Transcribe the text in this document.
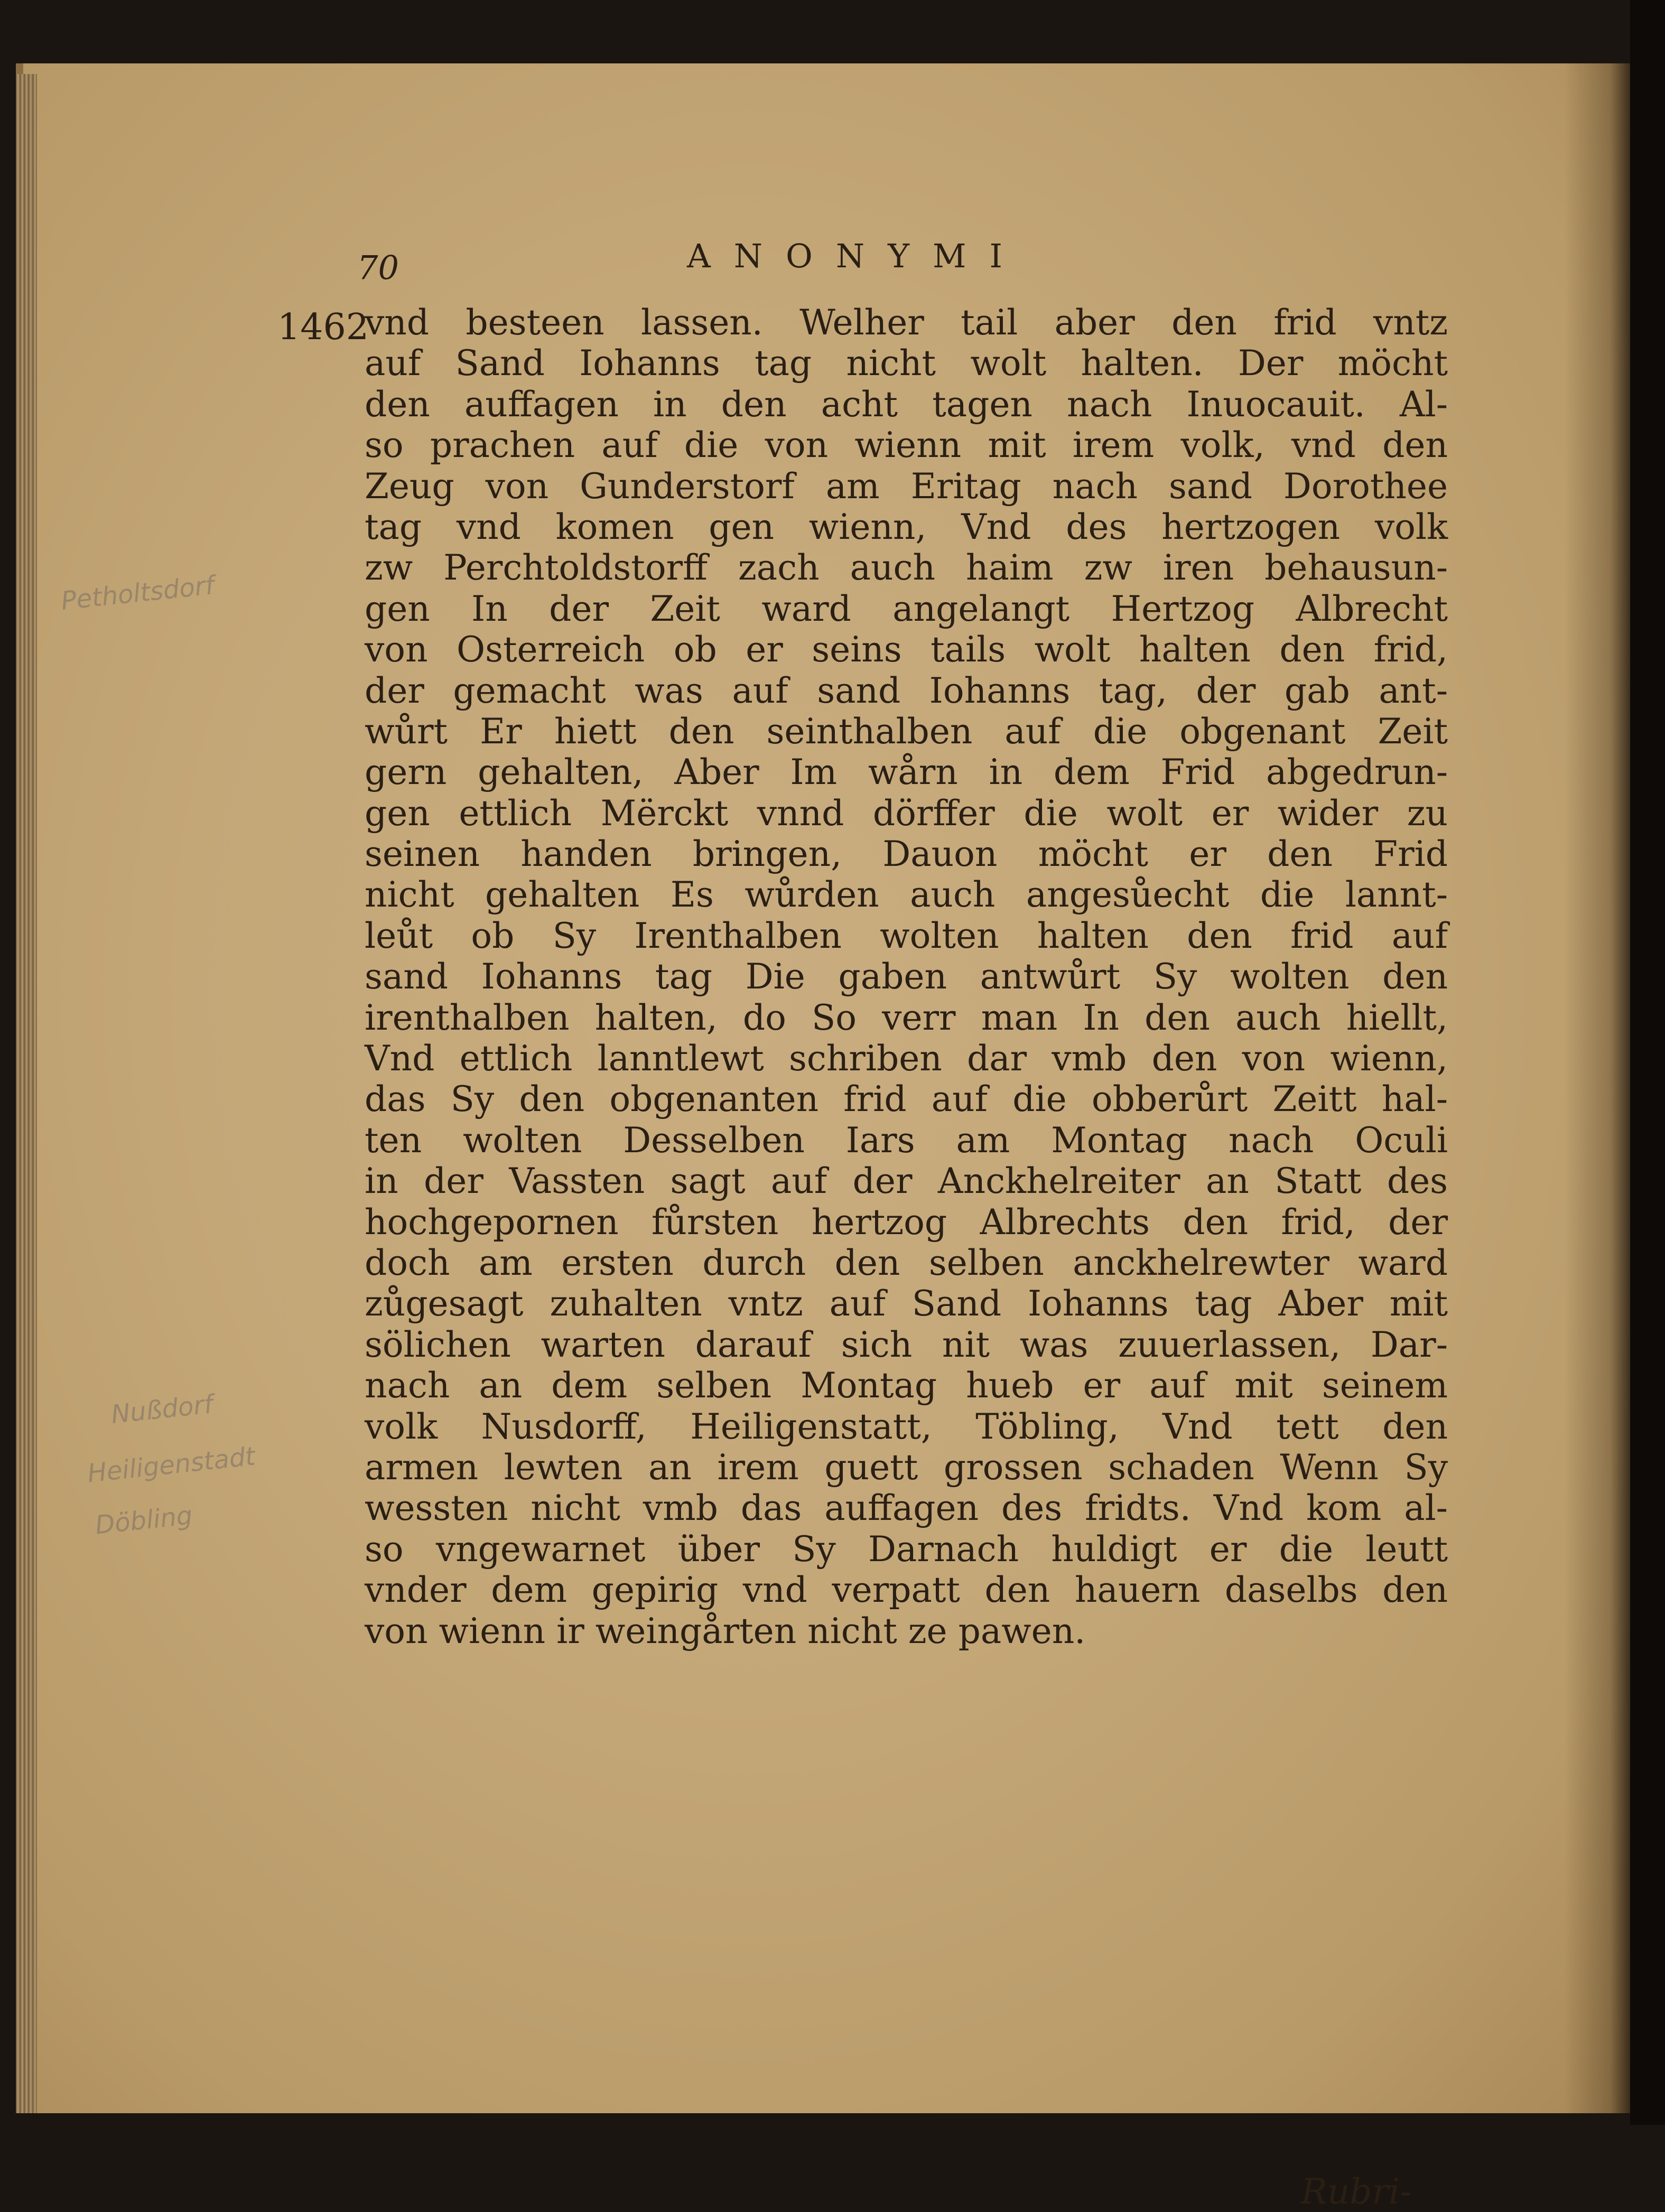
70	ANONYMI
1462
vnd besteen lassen. Welher tail aber den frid vntz
auf Sand Iohanns tag nicht wolt halten. Der möcht
den auffagen in den acht tagen nach Inuocauit. Al-
so prachen auf die von wienn mit irem volk, vnd den
Zeug von Gunderstorf am Eritag nach sand Dorothee
tag vnd komen gen wienn, Vnd des hertzogen volk
zw Perchtoldstorff zach auch haim zw iren behausun-
gen In der Zeit ward angelangt Hertzog Albrecht
von Osterreich ob er seins tails wolt halten den frid,
der gemacht was auf sand Iohanns tag, der gab ant-
wůrt Er hiett den seinthalben auf die obgenant Zeit
gern gehalten, Aber Im wårn in dem Frid abgedrun-
gen ettlich Mërckt vnnd dörffer die wolt er wider zu
seinen handen bringen, Dauon möcht er den Frid
nicht gehalten Es wůrden auch angesůecht die lannt-
leůt ob Sy Irenthalben wolten halten den frid auf
sand Iohanns tag Die gaben antwůrt Sy wolten den
irenthalben halten, do So verr man In den auch hiellt,
Vnd ettlich lanntlewt schriben dar vmb den von wienn,
das Sy den obgenanten frid auf die obberůrt Zeitt hal-
ten wolten Desselben Iars am Montag nach Oculi
in der Vassten sagt auf der Anckhelreiter an Statt des
hochgepornen fůrsten hertzog Albrechts den frid, der
doch am ersten durch den selben anckhelrewter ward
zůgesagt zuhalten vntz auf Sand Iohanns tag Aber mit
sölichen warten darauf sich nit was zuuerlassen, Dar-
nach an dem selben Montag hueb er auf mit seinem
volk Nusdorff, Heiligenstatt, Töbling, Vnd tett den
armen lewten an irem guett grossen schaden Wenn Sy
wessten nicht vmb das auffagen des fridts. Vnd kom al-
so vngewarnet über Sy Darnach huldigt er die leutt
vnder dem gepirig vnd verpatt den hauern daselbs den
von wienn ir weingårten nicht ze pawen.
Petholtsdorf
Nußdorf
Heiligenstadt
Döbling
Rubri-
